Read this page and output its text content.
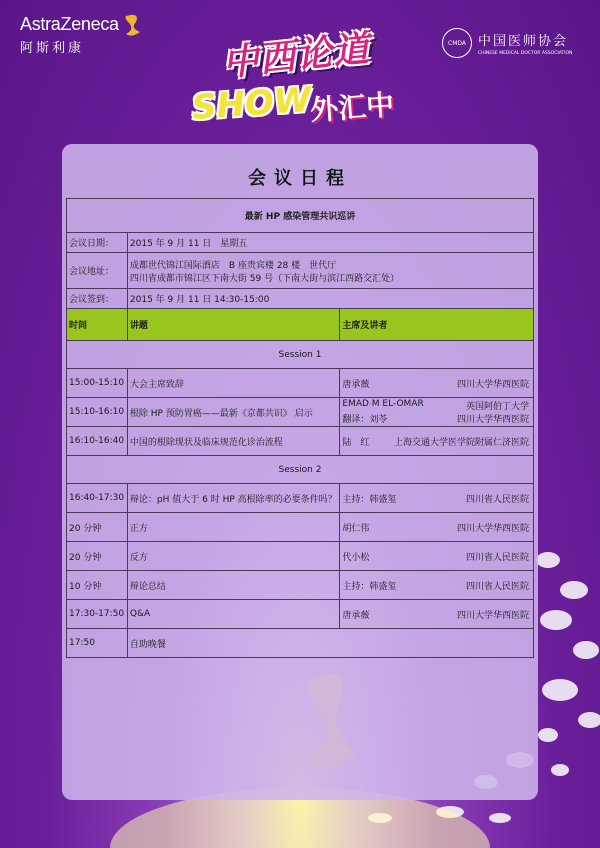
AstraZeneca
阿斯利康	中西论道
SHOW
外汇中
CMDA 中国医师协会
CHINESE MEDICAL DOCTOR ASSOCIATION
会议日程
最新 HP 感染管理共识巡讲		
会议日期：	2015 年 9 月 11 日　星期五	
会议地址：	成都世代锦江国际酒店　B 座贵宾楼 28 楼　世代厅
四川省成都市锦江区下南大街 59 号（下南大街与滨江西路交汇处）	

会议签到：	2015 年 9 月 11 日 14:30-15:00	
时间	讲题	主席及讲者
Session 1		
15:00-15:10	大会主席致辞	唐承薇 四川大学华西医院

15:10-16:10	根除 HP 预防胃癌——最新《京都共识》 启示	EMAD M EL-OMAR 英国阿伯丁大学
翻译：刘苓 四川大学华西医院

16:10-16:40	中国的根除现状及临床规范化诊治流程	陆　红 上海交通大学医学院附属仁济医院

Session 2		
16:40-17:30	辩论：pH 值大于 6 时 HP 高根除率的必要条件吗？	主持：韩盛玺 四川省人民医院

20 分钟	正方	胡仁伟 四川大学华西医院

20 分钟	反方	代小松 四川省人民医院

10 分钟	辩论总结	主持：韩盛玺 四川省人民医院

17:30-17:50	Q&A	唐承薇 四川大学华西医院

17:50	自助晚餐	
